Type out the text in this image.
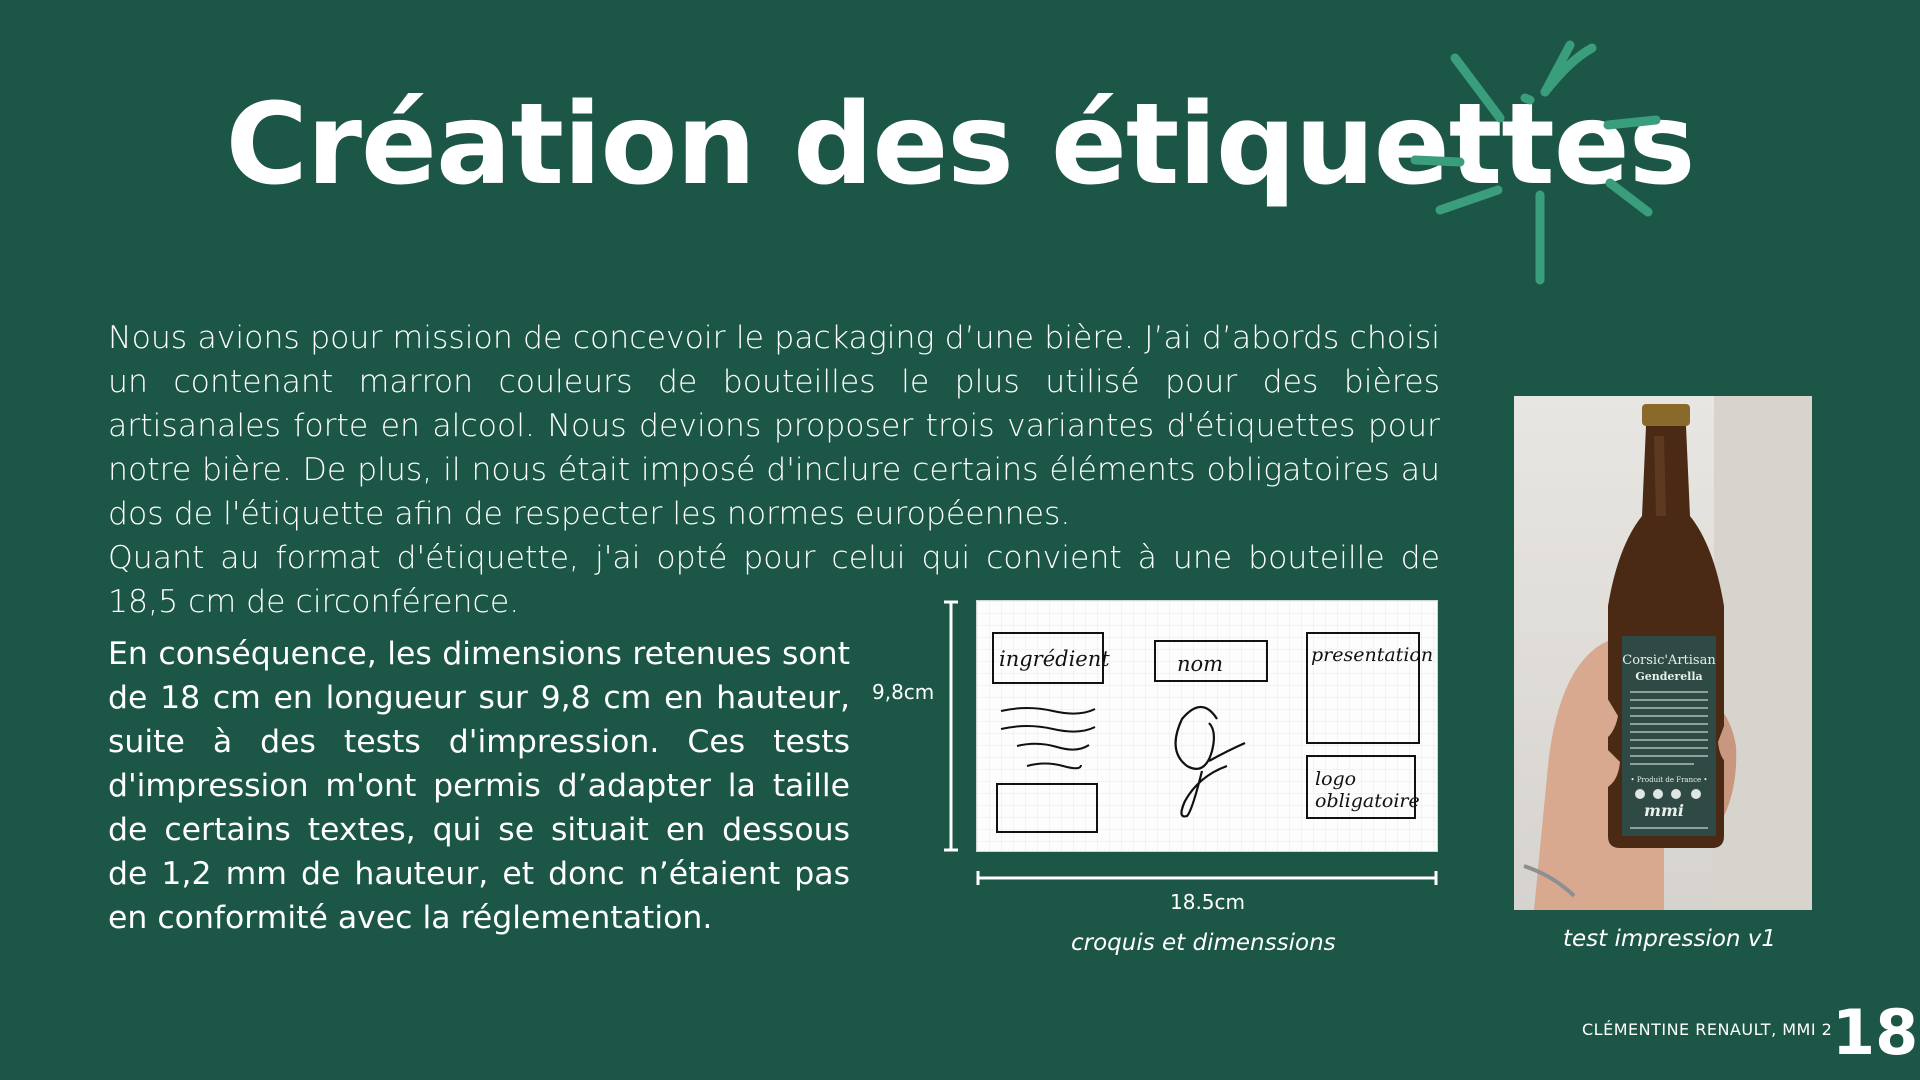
Création des étiquettes

Nous avions pour mission de concevoir le packaging d’une bière. J’ai d’abords choisi un contenant marron couleurs de bouteilles le plus utilisé pour des bières artisanales forte en alcool. Nous devions proposer trois variantes d'étiquettes pour notre bière. De plus, il nous était imposé d'inclure certains éléments obligatoires au dos de l'étiquette afin de respecter les normes européennes.

Quant au format d'étiquette, j'ai opté pour celui qui convient à une bouteille de 18,5 cm de circonférence.

En conséquence, les dimensions retenues sont de 18 cm en longueur sur 9,8 cm en hauteur, suite à des tests d'impression. Ces tests d'impression m'ont permis d’adapter la taille de certains textes, qui se situait en dessous de 1,2 mm de hauteur, et donc n’étaient pas en conformité avec la réglementation.

9,8cm
ingrédient	nom	presentation
logo
obligatoire
18.5cm
croquis et dimenssions
Corsic'Artisan
Genderella
• Produit de France •
mmi
test impression v1
CLÉMENTINE RENAULT, MMI 2 18
